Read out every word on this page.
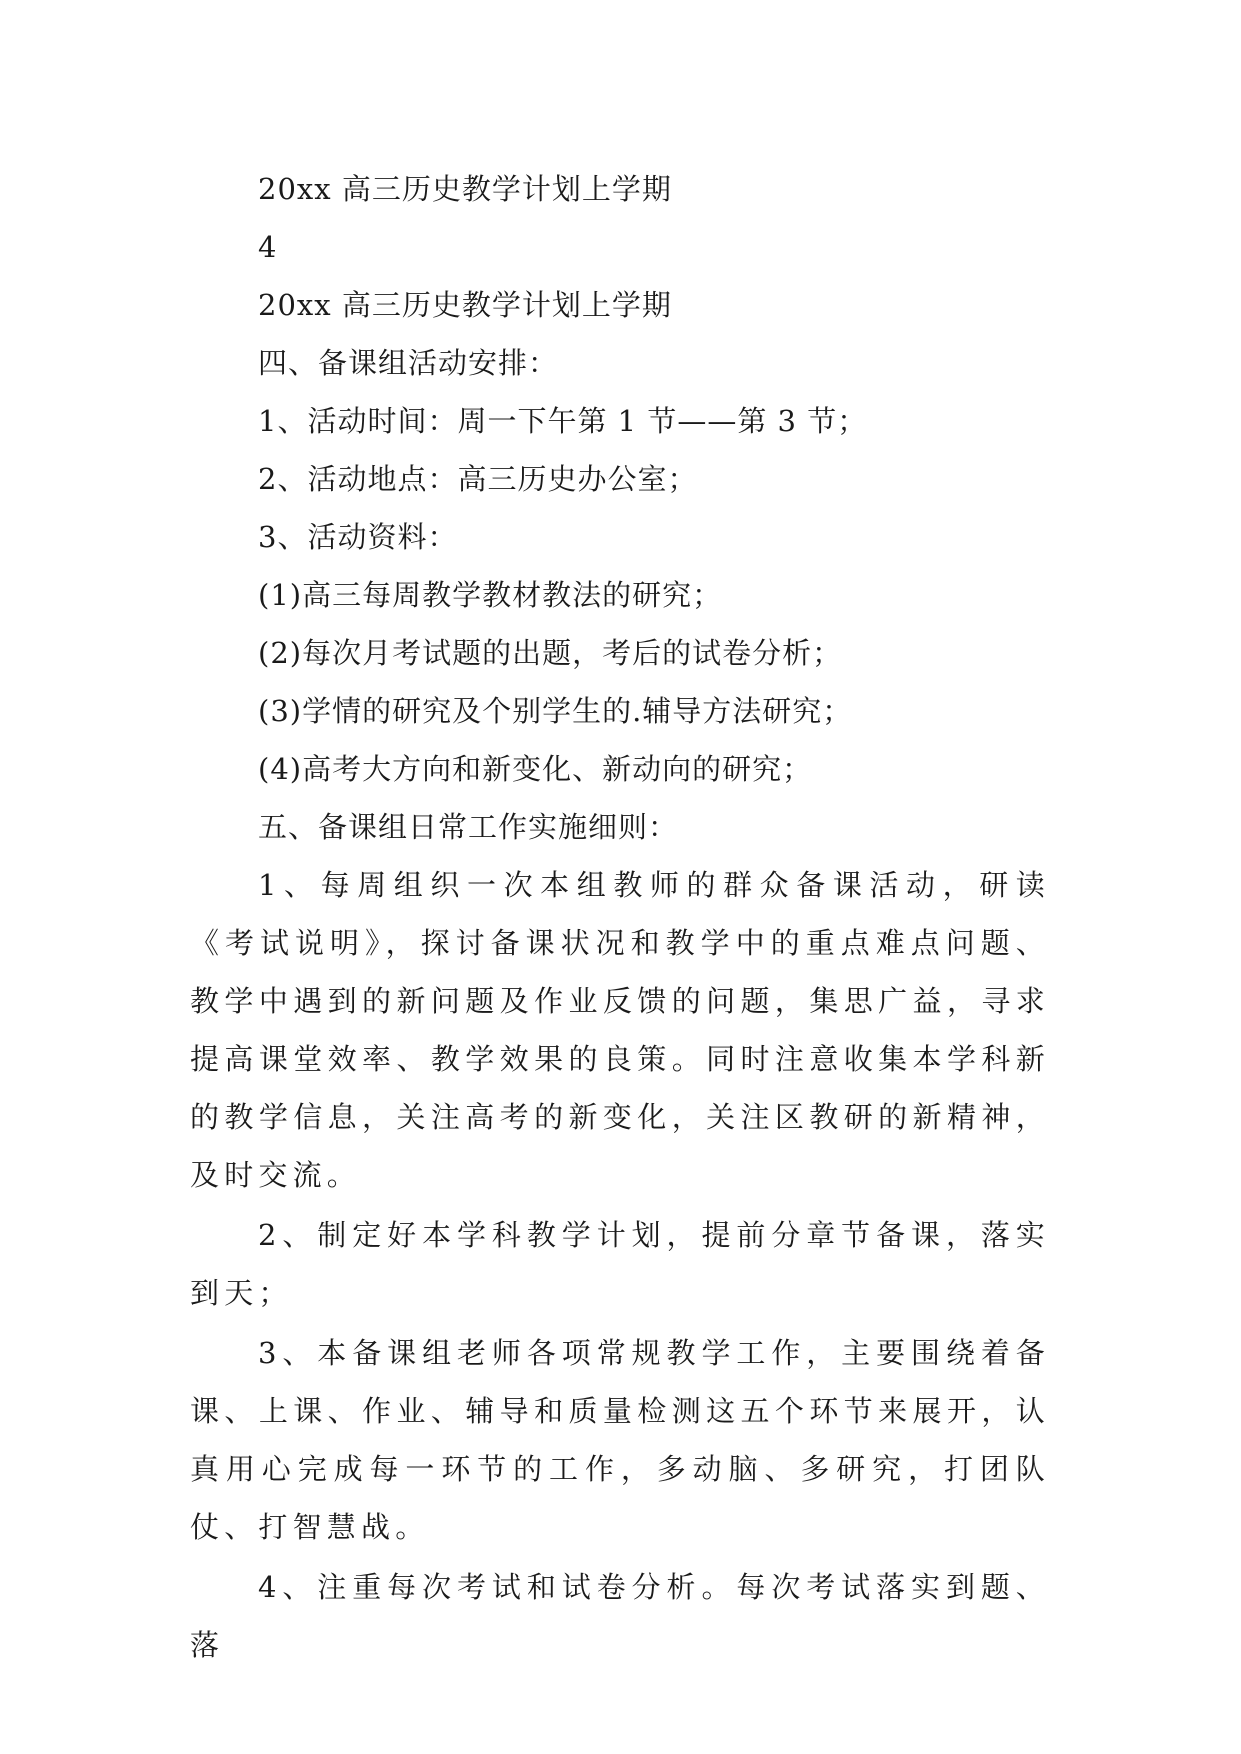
20xx 高三历史教学计划上学期
4
20xx 高三历史教学计划上学期
四、备课组活动安排：
1、活动时间：周一下午第 1 节——第 3 节；
2、活动地点：高三历史办公室；
3、活动资料：
(1)高三每周教学教材教法的研究；
(2)每次月考试题的出题，考后的试卷分析；
(3)学情的研究及个别学生的.辅导方法研究；
(4)高考大方向和新变化、新动向的研究；
五、备课组日常工作实施细则：

1、每周组织一次本组教师的群众备课活动，研读《考试说明》，探讨备课状况和教学中的重点难点问题、教学中遇到的新问题及作业反馈的问题，集思广益，寻求提高课堂效率、教学效果的良策。同时注意收集本学科新的教学信息，关注高考的新变化，关注区教研的新精神，及时交流。

2、制定好本学科教学计划，提前分章节备课，落实到天；

3、本备课组老师各项常规教学工作，主要围绕着备课、上课、作业、辅导和质量检测这五个环节来展开，认真用心完成每一环节的工作，多动脑、多研究，打团队仗、打智慧战。

4、注重每次考试和试卷分析。每次考试落实到题、落
